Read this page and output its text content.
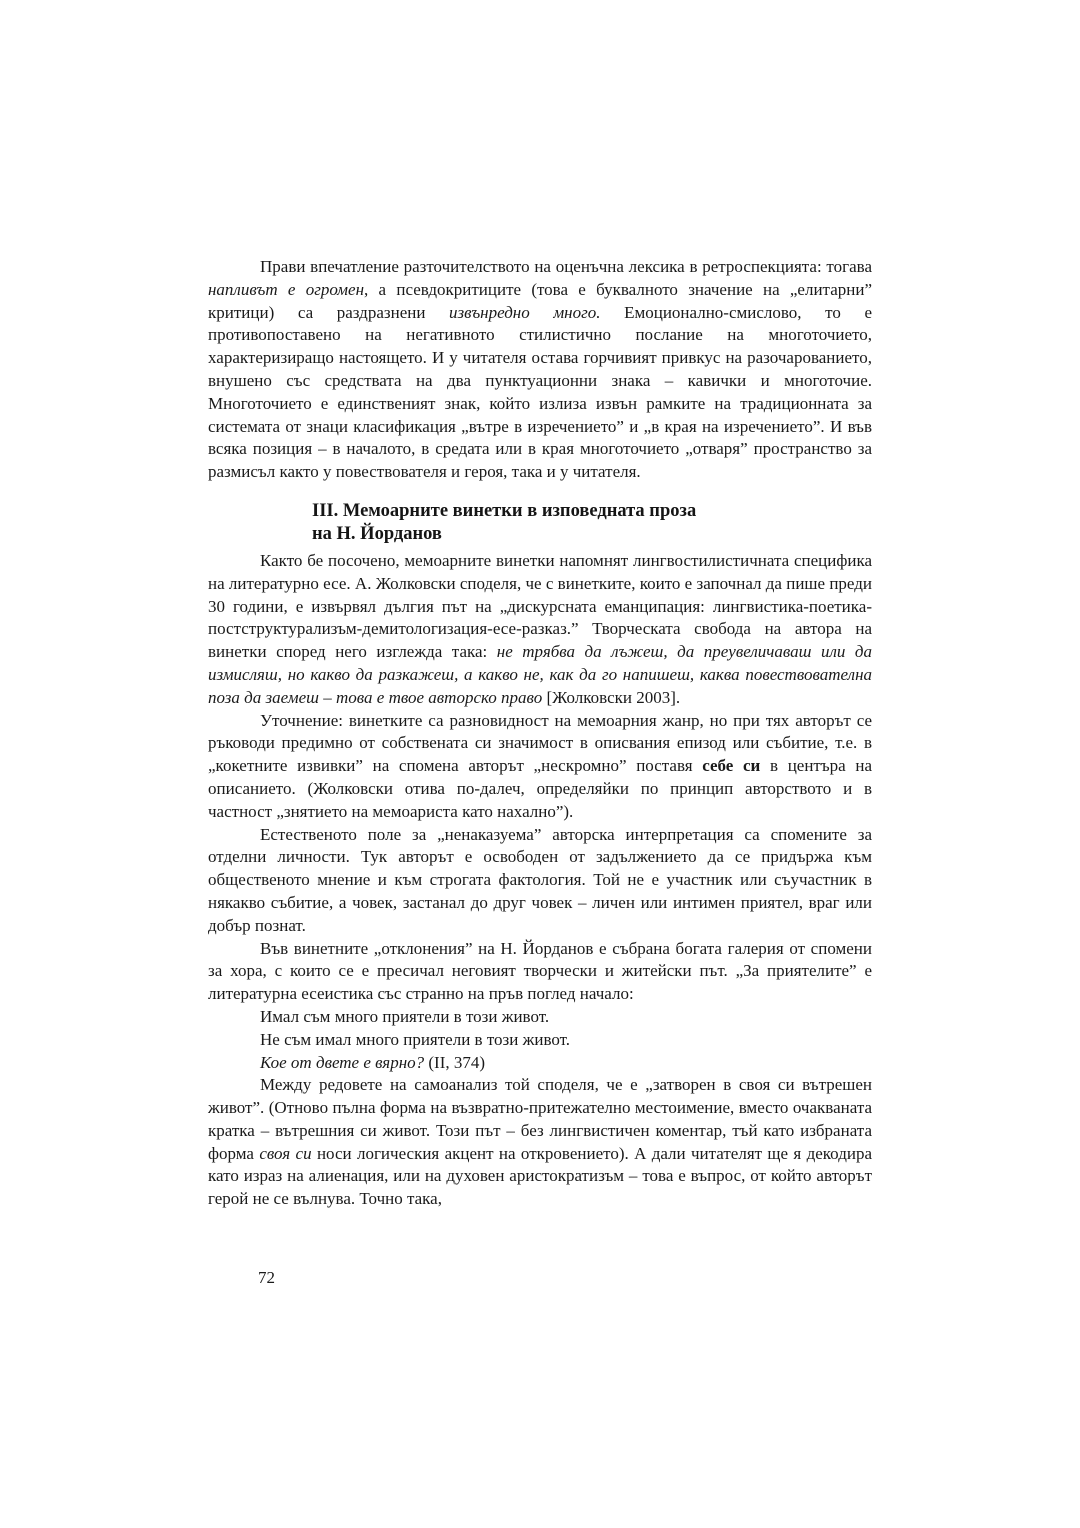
Прави впечатление разточителството на оценъчна лексика в ретроспекцията: тогава напливът е огромен, а псевдокритиците (това е буквалното значение на „елитарни” критици) са раздразнени извънредно много. Емоционално-смислово, то е противопоставено на негативното стилистично послание на многоточието, характеризиращо настоящето. И у читателя остава горчивият привкус на разочарованието, внушено със средствата на два пунктуационни знака – кавички и многоточие. Многоточието е единственият знак, който излиза извън рамките на традиционната за системата от знаци класификация „вътре в изречението” и „в края на изречението”. И във всяка позиция – в началото, в средата или в края многоточието „отваря” пространство за размисъл както у повествователя и героя, така и у читателя.

III. Мемоарните винетки в изповедната проза
на Н. Йорданов

Както бе посочено, мемоарните винетки напомнят лингвостилистичната специфика на литературно есе. А. Жолковски споделя, че с винетките, които е започнал да пише преди 30 години, е извървял дългия път на „дискурсната еманципация: лингвистика-поетика-постструктурализъм-демитологизация-есе-разказ.” Творческата свобода на автора на винетки според него изглежда така: не трябва да лъжеш, да преувеличаваш или да измисляш, но какво да разкажеш, а какво не, как да го напишеш, каква повествователна поза да заемеш – това е твое авторско право [Жолковски 2003].

Уточнение: винетките са разновидност на мемоарния жанр, но при тях авторът се ръководи предимно от собствената си значимост в описвания епизод или събитие, т.е. в „кокетните извивки” на спомена авторът „нескромно” поставя себе си в центъра на описанието. (Жолковски отива по-далеч, определяйки по принцип авторството и в частност „знятието на мемоариста като нахално”).

Естественото поле за „ненаказуема” авторска интерпретация са спомените за отделни личности. Тук авторът е освободен от задължението да се придържа към общественото мнение и към строгата фактология. Той не е участник или съучастник в някакво събитие, а човек, застанал до друг човек – личен или интимен приятел, враг или добър познат.

Във винетните „отклонения” на Н. Йорданов е събрана богата галерия от спомени за хора, с които се е пресичал неговият творчески и житейски път. „За приятелите” е литературна есеистика със странно на пръв поглед начало:

Имал съм много приятели в този живот.

Не съм имал много приятели в този живот.

Кое от двете е вярно? (II, 374)

Между редовете на самоанализ той споделя, че е „затворен в своя си вътрешен живот”. (Отново пълна форма на възвратно-притежателно местоимение, вместо очакваната кратка – вътрешния си живот. Този път – без лингвистичен коментар, тъй като избраната форма своя си носи логическия акцент на откровението). А дали читателят ще я декодира като израз на алиенация, или на духовен аристократизъм – това е въпрос, от който авторът герой не се вълнува. Точно така,

72
